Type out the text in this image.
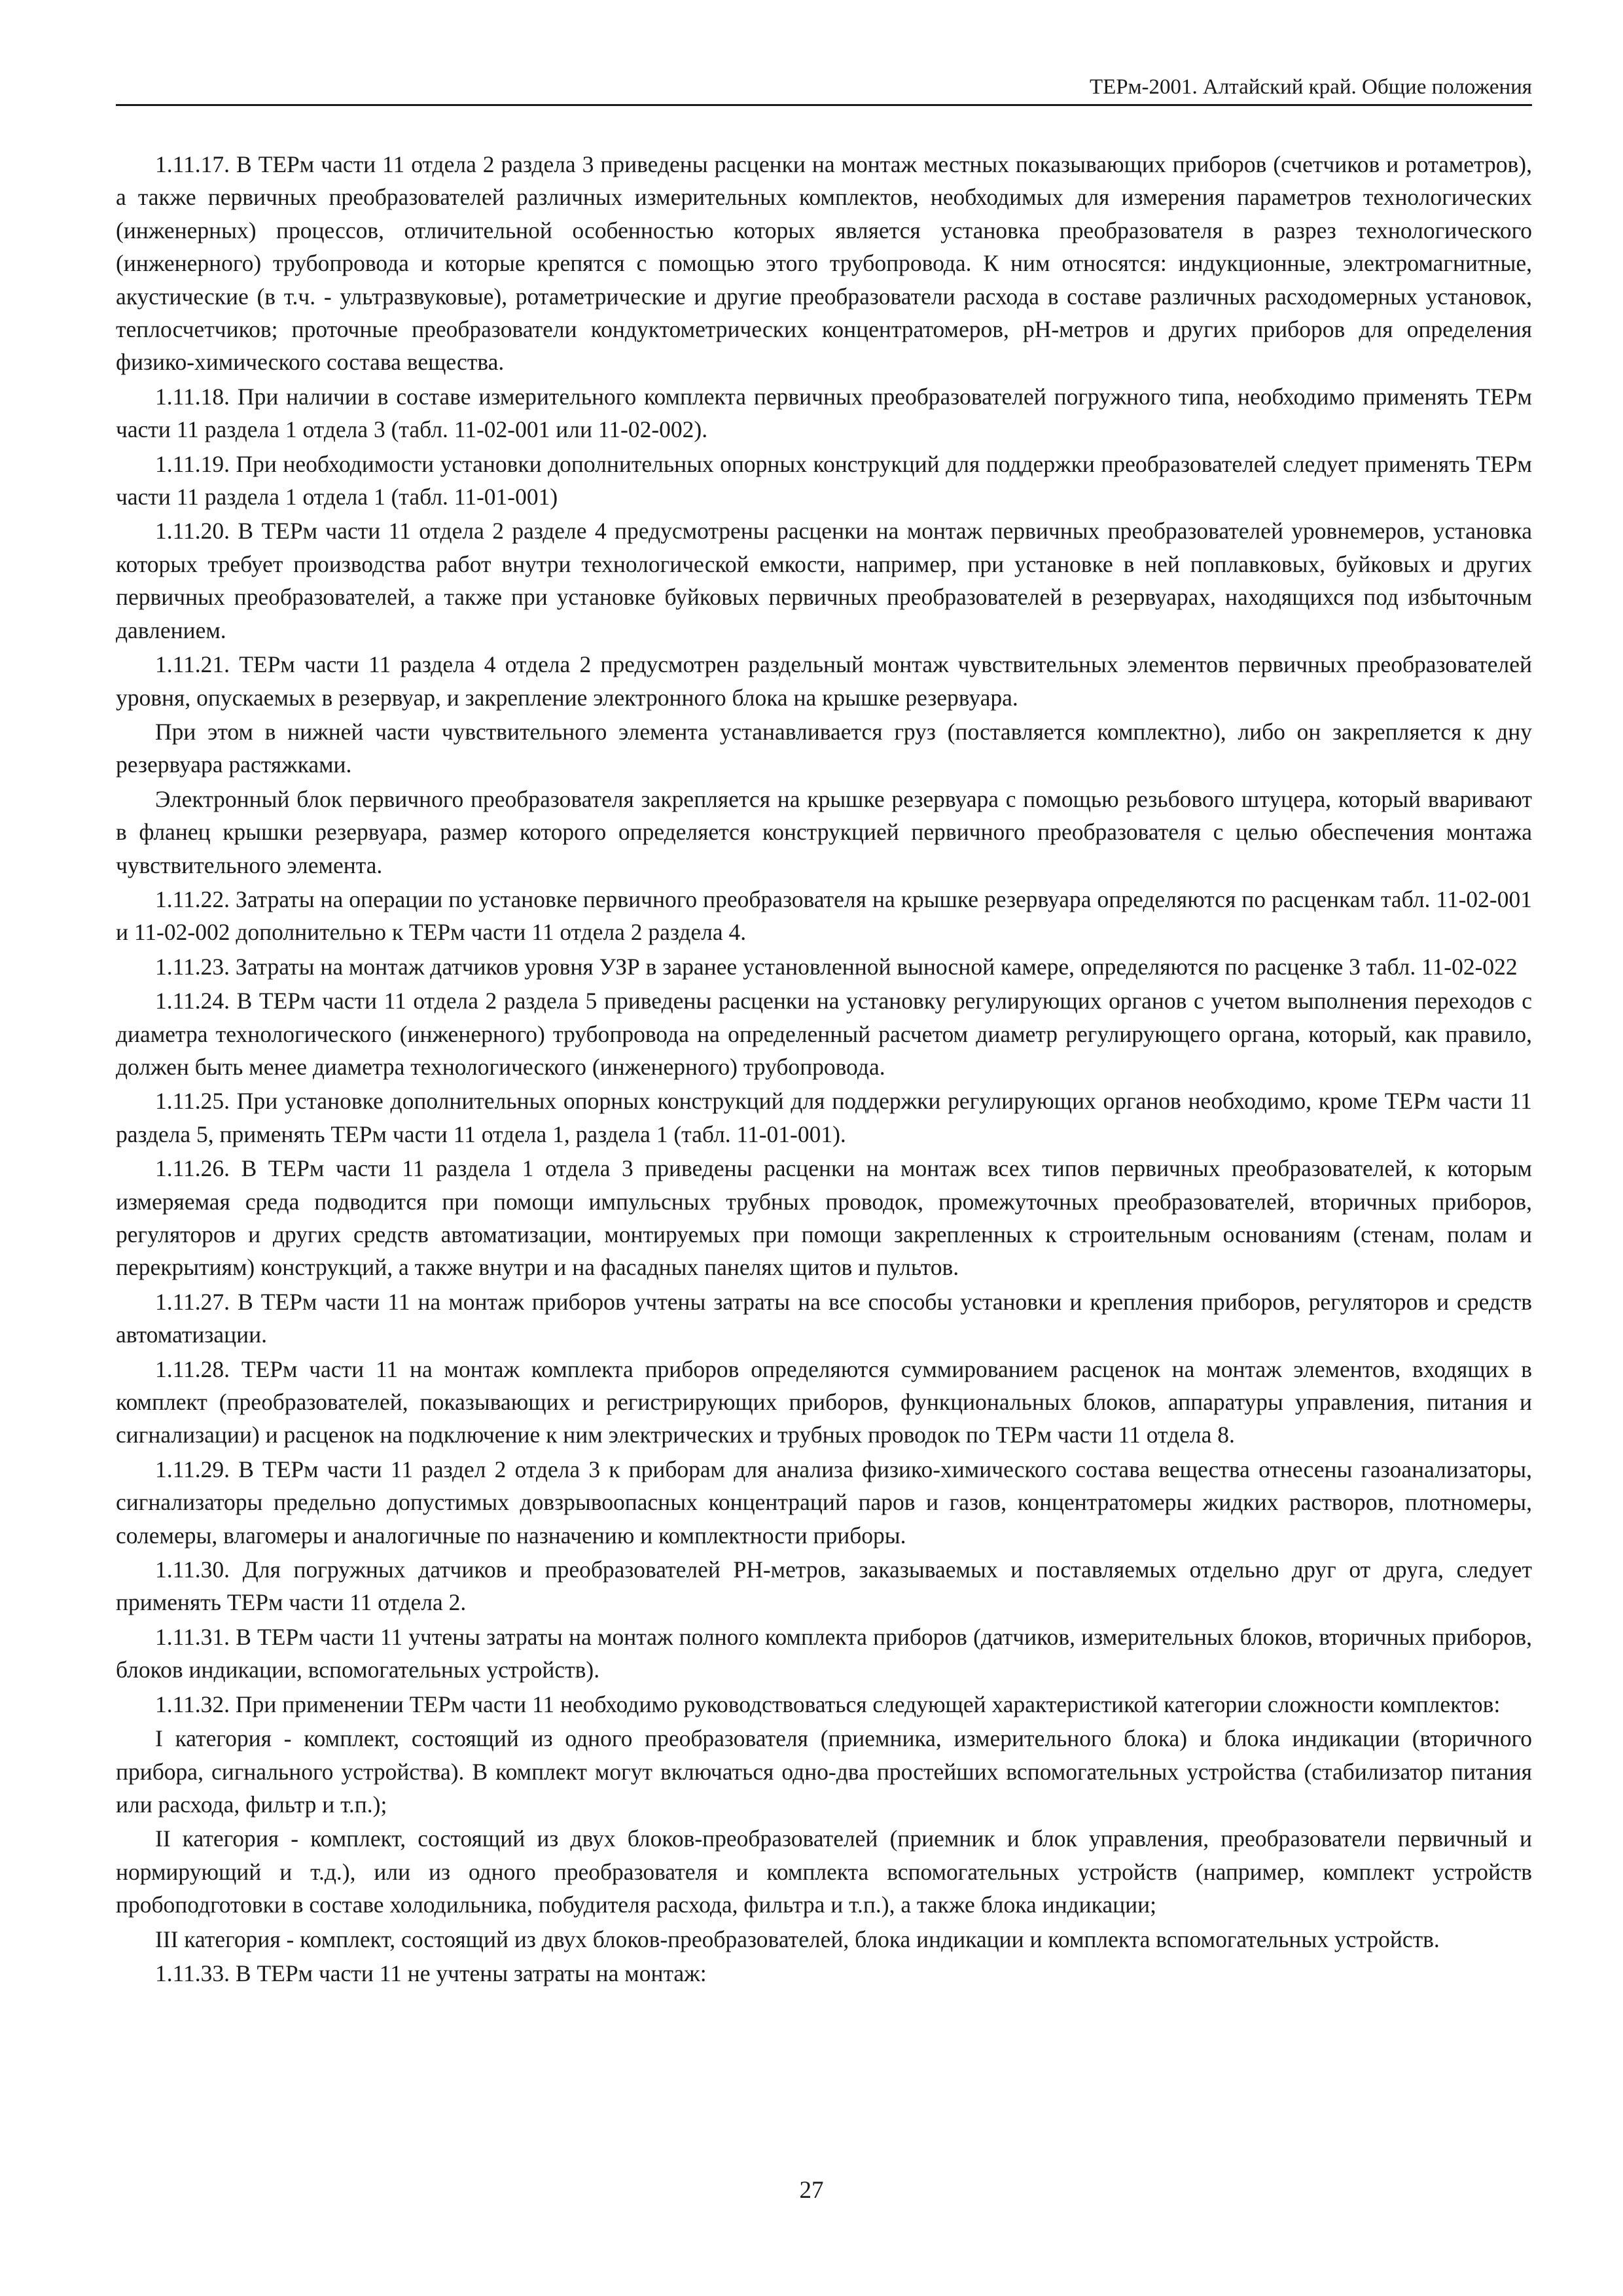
ТЕРм-2001. Алтайский край. Общие положения

1.11.17. В ТЕРм части 11 отдела 2 раздела 3 приведены расценки на монтаж местных показывающих приборов (счетчиков и ротаметров), а также первичных преобразователей различных измерительных комплектов, необходимых для измерения параметров технологических (инженерных) процессов, отличительной особенностью которых является установка преобразователя в разрез технологического (инженерного) трубопровода и которые крепятся с помощью этого трубопровода. К ним относятся: индукционные, электромагнитные, акустические (в т.ч. - ультразвуковые), ротаметрические и другие преобразователи расхода в составе различных расходомерных установок, теплосчетчиков; проточные преобразователи кондуктометрических концентратомеров, pH-метров и других приборов для определения физико-химического состава вещества.

1.11.18. При наличии в составе измерительного комплекта первичных преобразователей погружного типа, необходимо применять ТЕРм части 11 раздела 1 отдела 3 (табл. 11-02-001 или 11-02-002).

1.11.19. При необходимости установки дополнительных опорных конструкций для поддержки преобразователей следует применять ТЕРм части 11 раздела 1 отдела 1 (табл. 11-01-001)

1.11.20. В ТЕРм части 11 отдела 2 разделе 4 предусмотрены расценки на монтаж первичных преобразователей уровнемеров, установка которых требует производства работ внутри технологической емкости, например, при установке в ней поплавковых, буйковых и других первичных преобразователей, а также при установке буйковых первичных преобразователей в резервуарах, находящихся под избыточным давлением.

1.11.21. ТЕРм части 11 раздела 4 отдела 2 предусмотрен раздельный монтаж чувствительных элементов первичных преобразователей уровня, опускаемых в резервуар, и закрепление электронного блока на крышке резервуара.

При этом в нижней части чувствительного элемента устанавливается груз (поставляется комплектно), либо он закрепляется к дну резервуара растяжками.

Электронный блок первичного преобразователя закрепляется на крышке резервуара с помощью резьбового штуцера, который вваривают в фланец крышки резервуара, размер которого определяется конструкцией первичного преобразователя с целью обеспечения монтажа чувствительного элемента.

1.11.22. Затраты на операции по установке первичного преобразователя на крышке резервуара определяются по расценкам табл. 11-02-001 и 11-02-002 дополнительно к ТЕРм части 11 отдела 2 раздела 4.

1.11.23. Затраты на монтаж датчиков уровня УЗР в заранее установленной выносной камере, определяются по расценке 3 табл. 11-02-022

1.11.24. В ТЕРм части 11 отдела 2 раздела 5 приведены расценки на установку регулирующих органов с учетом выполнения переходов с диаметра технологического (инженерного) трубопровода на определенный расчетом диаметр регулирующего органа, который, как правило, должен быть менее диаметра технологического (инженерного) трубопровода.

1.11.25. При установке дополнительных опорных конструкций для поддержки регулирующих органов необходимо, кроме ТЕРм части 11 раздела 5, применять ТЕРм части 11 отдела 1, раздела 1 (табл. 11-01-001).

1.11.26. В ТЕРм части 11 раздела 1 отдела 3 приведены расценки на монтаж всех типов первичных преобразователей, к которым измеряемая среда подводится при помощи импульсных трубных проводок, промежуточных преобразователей, вторичных приборов, регуляторов и других средств автоматизации, монтируемых при помощи закрепленных к строительным основаниям (стенам, полам и перекрытиям) конструкций, а также внутри и на фасадных панелях щитов и пультов.

1.11.27. В ТЕРм части 11 на монтаж приборов учтены затраты на все способы установки и крепления приборов, регуляторов и средств автоматизации.

1.11.28. ТЕРм части 11 на монтаж комплекта приборов определяются суммированием расценок на монтаж элементов, входящих в комплект (преобразователей, показывающих и регистрирующих приборов, функциональных блоков, аппаратуры управления, питания и сигнализации) и расценок на подключение к ним электрических и трубных проводок по ТЕРм части 11 отдела 8.

1.11.29. В ТЕРм части 11 раздел 2 отдела 3 к приборам для анализа физико-химического состава вещества отнесены газоанализаторы, сигнализаторы предельно допустимых довзрывоопасных концентраций паров и газов, концентратомеры жидких растворов, плотномеры, солемеры, влагомеры и аналогичные по назначению и комплектности приборы.

1.11.30. Для погружных датчиков и преобразователей РН-метров, заказываемых и поставляемых отдельно друг от друга, следует применять ТЕРм части 11 отдела 2.

1.11.31. В ТЕРм части 11 учтены затраты на монтаж полного комплекта приборов (датчиков, измерительных блоков, вторичных приборов, блоков индикации, вспомогательных устройств).

1.11.32. При применении ТЕРм части 11 необходимо руководствоваться следующей характеристикой категории сложности комплектов:

I категория - комплект, состоящий из одного преобразователя (приемника, измерительного блока) и блока индикации (вторичного прибора, сигнального устройства). В комплект могут включаться одно-два простейших вспомогательных устройства (стабилизатор питания или расхода, фильтр и т.п.);

II категория - комплект, состоящий из двух блоков-преобразователей (приемник и блок управления, преобразователи первичный и нормирующий и т.д.), или из одного преобразователя и комплекта вспомогательных устройств (например, комплект устройств пробоподготовки в составе холодильника, побудителя расхода, фильтра и т.п.), а также блока индикации;

III категория - комплект, состоящий из двух блоков-преобразователей, блока индикации и комплекта вспомогательных устройств.

1.11.33. В ТЕРм части 11 не учтены затраты на монтаж:

27
